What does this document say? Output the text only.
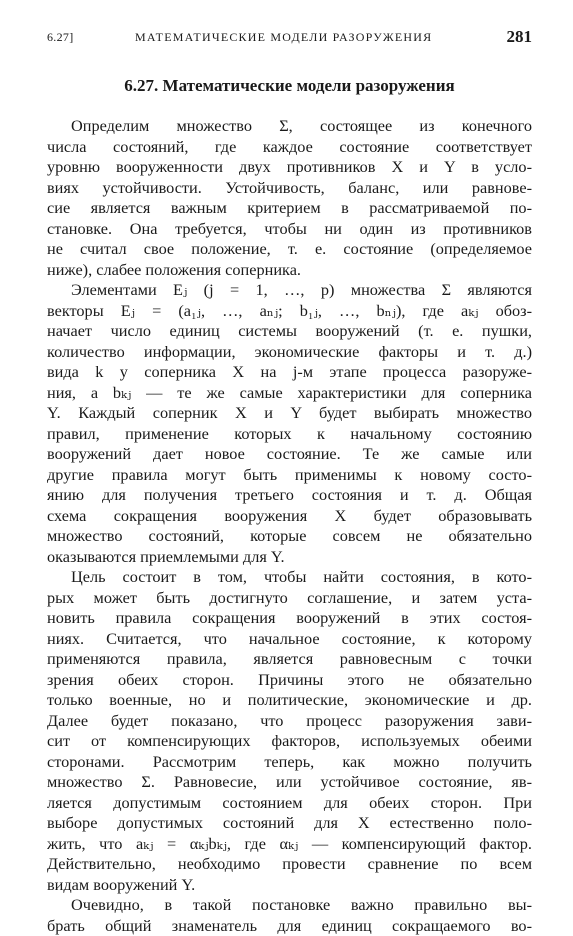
6.27]	МАТЕМАТИЧЕСКИЕ МОДЕЛИ РАЗОРУЖЕНИЯ	281
6.27. Математические модели разоружения
Определим множество Σ, состоящее из конечного
числа состояний, где каждое состояние соответствует
уровню вооруженности двух противников X и Y в усло-
виях устойчивости. Устойчивость, баланс, или равнове-
сие является важным критерием в рассматриваемой по-
становке. Она требуется, чтобы ни один из противников
не считал свое положение, т. е. состояние (определяемое
ниже), слабее положения соперника.
Элементами Eⱼ (j = 1, …, p) множества Σ являются
векторы Eⱼ = (a₁ⱼ, …, aₙⱼ; b₁ⱼ, …, bₙⱼ), где aₖⱼ обоз-
начает число единиц системы вооружений (т. е. пушки,
количество информации, экономические факторы и т. д.)
вида k у соперника X на j-м этапе процесса разоруже-
ния, а bₖⱼ — те же самые характеристики для соперника
Y. Каждый соперник X и Y будет выбирать множество
правил, применение которых к начальному состоянию
вооружений дает новое состояние. Те же самые или
другие правила могут быть применимы к новому состо-
янию для получения третьего состояния и т. д. Общая
схема сокращения вооружения X будет образовывать
множество состояний, которые совсем не обязательно
оказываются приемлемыми для Y.
Цель состоит в том, чтобы найти состояния, в кото-
рых может быть достигнуто соглашение, и затем уста-
новить правила сокращения вооружений в этих состоя-
ниях. Считается, что начальное состояние, к которому
применяются правила, является равновесным с точки
зрения обеих сторон. Причины этого не обязательно
только военные, но и политические, экономические и др.
Далее будет показано, что процесс разоружения зави-
сит от компенсирующих факторов, используемых обеими
сторонами. Рассмотрим теперь, как можно получить
множество Σ. Равновесие, или устойчивое состояние, яв-
ляется допустимым состоянием для обеих сторон. При
выборе допустимых состояний для X естественно поло-
жить, что aₖⱼ = αₖⱼbₖⱼ, где αₖⱼ — компенсирующий фактор.
Действительно, необходимо провести сравнение по всем
видам вооружений Y.
Очевидно, в такой постановке важно правильно вы-
брать общий знаменатель для единиц сокращаемого во-
